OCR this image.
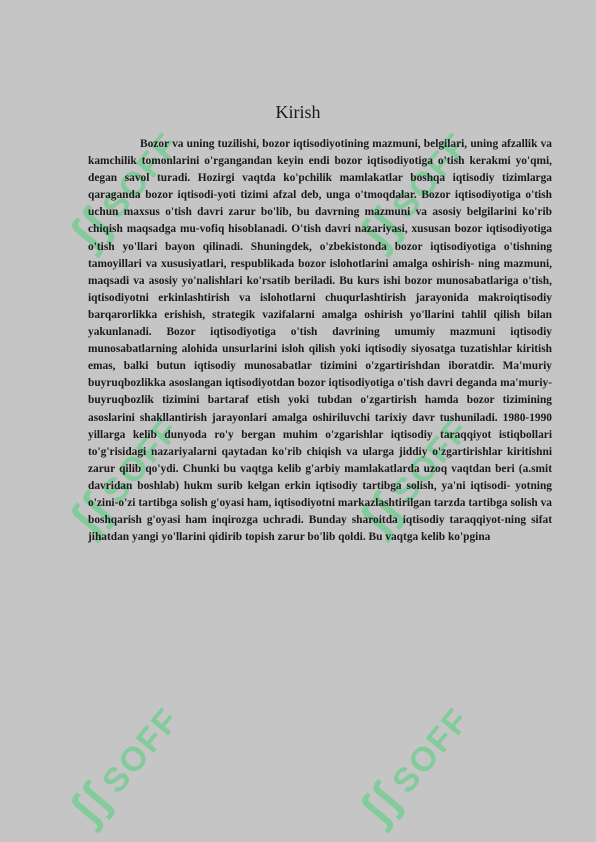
ʃʃ SOFF
ʃʃ SOFF
ʃʃ SOFF
ʃʃ SOFF
ʃʃ SOFF
ʃʃ SOFF
Kirish

Bozor va uning tuzilishi, bozor iqtisodiyotining mazmuni, belgilari, uning afzallik va kamchilik tomonlarini o'rgangandan keyin endi bozor iqtisodiyotiga o'tish kerakmi yo'qmi, degan savol turadi. Hozirgi vaqtda ko'pchilik mamlakatlar boshqa iqtisodiy tizimlarga qaraganda bozor iqtisodi-yoti tizimi afzal deb, unga o'tmoqdalar. Bozor iqtisodiyotiga o'tish uchun maxsus o'tish davri zarur bo'lib, bu davrning mazmuni va asosiy belgilarini ko'rib chiqish maqsadga mu-vofiq hisoblanadi. O'tish davri nazariyasi, xususan bozor iqtisodiyotiga o'tish yo'llari bayon qilinadi. Shuningdek, o'zbekistonda bozor iqtisodiyotiga o'tishning tamoyillari va xususiyatlari, respublikada bozor islohotlarini amalga oshirish- ning mazmuni, maqsadi va asosiy yo'nalishlari ko'rsatib beriladi. Bu kurs ishi bozor munosabatlariga o'tish, iqtisodiyotni erkinlashtirish va islohotlarni chuqurlashtirish jarayonida makroiqtisodiy barqarorlikka erishish, strategik vazifalarni amalga oshirish yo'llarini tahlil qilish bilan yakunlanadi. Bozor iqtisodiyotiga o'tish davrining umumiy mazmuni iqtisodiy munosabatlarning alohida unsurlarini isloh qilish yoki iqtisodiy siyosatga tuzatishlar kiritish emas, balki butun iqtisodiy munosabatlar tizimini o'zgartirishdan iboratdir. Ma'muriy buyruqbozlikka asoslangan iqtisodiyotdan bozor iqtisodiyotiga o'tish davri deganda ma'muriy-buyruqbozlik tizimini bartaraf etish yoki tubdan o'zgartirish hamda bozor tizimining asoslarini shakllantirish jarayonlari amalga oshiriluvchi tarixiy davr tushuniladi. 1980-1990 yillarga kelib dunyoda ro'y bergan muhim o'zgarishlar iqtisodiy taraqqiyot istiqbollari to'g'risidagi nazariyalarni qaytadan ko'rib chiqish va ularga jiddiy o'zgartirishlar kiritishni zarur qilib qo'ydi. Chunki bu vaqtga kelib g'arbiy mamlakatlarda uzoq vaqtdan beri (a.smit davridan boshlab) hukm surib kelgan erkin iqtisodiy tartibga solish, ya'ni iqtisodi- yotning o'zini-o'zi tartibga solish g'oyasi ham, iqtisodiyotni markazlashtirilgan tarzda tartibga solish va boshqarish g'oyasi ham inqirozga uchradi. Bunday sharoitda iqtisodiy taraqqiyot-ning sifat jihatdan yangi yo'llarini qidirib topish zarur bo'lib qoldi. Bu vaqtga kelib ko'pgina
